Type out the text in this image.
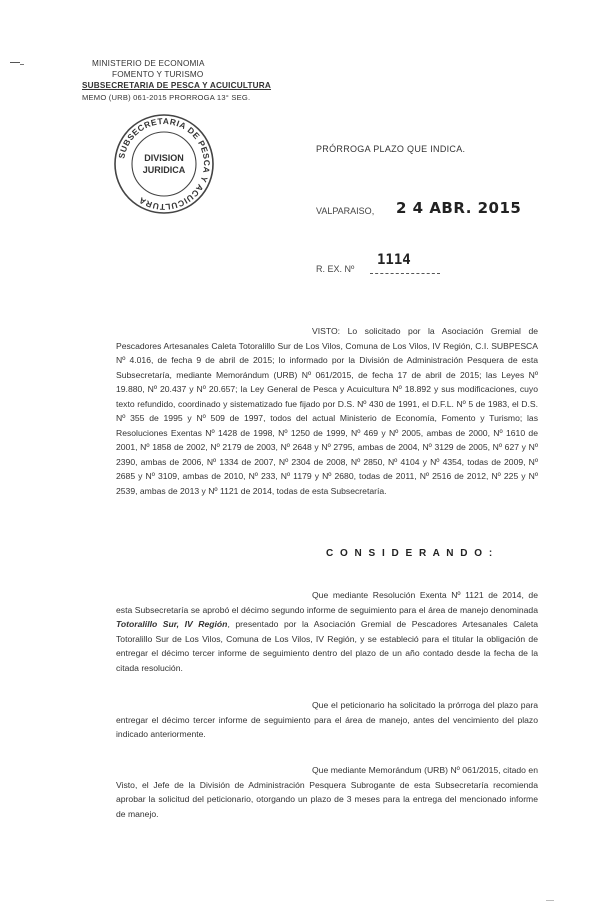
MINISTERIO DE ECONOMIA
FOMENTO Y TURISMO
SUBSECRETARIA DE PESCA Y ACUICULTURA
MEMO (URB) 061-2015 PRORROGA 13° SEG.
SUBSECRETARIA DE PESCA Y ACUICULTURA
DIVISION
JURIDICA
PRÓRROGA PLAZO QUE INDICA.
VALPARAISO, 2 4 ABR. 2015
R. EX. Nº
1114
VISTO: Lo solicitado por la Asociación Gremial de Pescadores Artesanales Caleta Totoralillo Sur de Los Vilos, Comuna de Los Vilos, IV Región, C.I. SUBPESCA Nº 4.016, de fecha 9 de abril de 2015; lo informado por la División de Administración Pesquera de esta Subsecretaría, mediante Memorándum (URB) Nº 061/2015, de fecha 17 de abril de 2015; las Leyes Nº 19.880, Nº 20.437 y Nº 20.657; la Ley General de Pesca y Acuicultura Nº 18.892 y sus modificaciones, cuyo texto refundido, coordinado y sistematizado fue fijado por D.S. Nº 430 de 1991, el D.F.L. Nº 5 de 1983, el D.S. Nº 355 de 1995 y Nº 509 de 1997, todos del actual Ministerio de Economía, Fomento y Turismo; las Resoluciones Exentas Nº 1428 de 1998, Nº 1250 de 1999, Nº 469 y Nº 2005, ambas de 2000, Nº 1610 de 2001, Nº 1858 de 2002, Nº 2179 de 2003, Nº 2648 y Nº 2795, ambas de 2004, Nº 3129 de 2005, Nº 627 y Nº 2390, ambas de 2006, Nº 1334 de 2007, Nº 2304 de 2008, Nº 2850, Nº 4104 y Nº 4354, todas de 2009, Nº 2685 y Nº 3109, ambas de 2010, Nº 233, Nº 1179 y Nº 2680, todas de 2011, Nº 2516 de 2012, Nº 225 y Nº 2539, ambas de 2013 y Nº 1121 de 2014, todas de esta Subsecretaría.
C O N S I D E R A N D O :
Que mediante Resolución Exenta Nº 1121 de 2014, de esta Subsecretaría se aprobó el décimo segundo informe de seguimiento para el área de manejo denominada Totoralillo Sur, IV Región, presentado por la Asociación Gremial de Pescadores Artesanales Caleta Totoralillo Sur de Los Vilos, Comuna de Los Vilos, IV Región, y se estableció para el titular la obligación de entregar el décimo tercer informe de seguimiento dentro del plazo de un año contado desde la fecha de la citada resolución.
Que el peticionario ha solicitado la prórroga del plazo para entregar el décimo tercer informe de seguimiento para el área de manejo, antes del vencimiento del plazo indicado anteriormente.
Que mediante Memorándum (URB) Nº 061/2015, citado en Visto, el Jefe de la División de Administración Pesquera Subrogante de esta Subsecretaría recomienda aprobar la solicitud del peticionario, otorgando un plazo de 3 meses para la entrega del mencionado informe de manejo.
